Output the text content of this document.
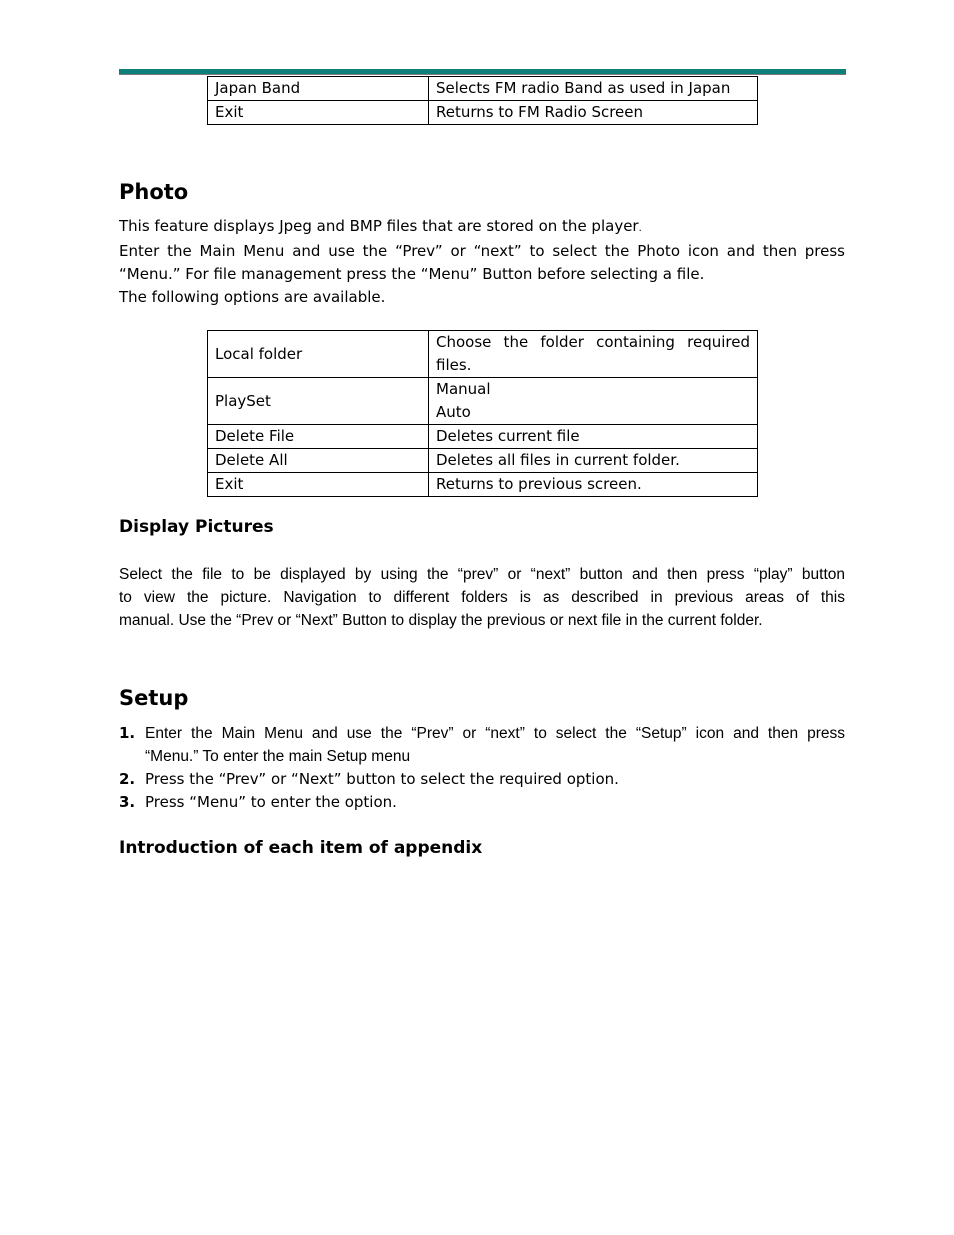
Japan Band	Selects FM radio Band as used in Japan
Exit	Returns to FM Radio Screen
Photo
This feature displays Jpeg and BMP files that are stored on the player.
Enter the Main Menu and use the “Prev” or “next” to select the Photo icon and then press
“Menu.” For file management press the “Menu” Button before selecting a file.
The following options are available.
Local folder	Choose the folder containing required
files.

PlaySet	Manual
Auto

Delete File	Deletes current file
Delete All	Deletes all files in current folder.
Exit	Returns to previous screen.
Display Pictures
Select the file to be displayed by using the “prev” or “next” button and then press “play” button
to view the picture. Navigation to different folders is as described in previous areas of this
manual. Use the “Prev or “Next” Button to display the previous or next file in the current folder.
Setup
1. Enter the Main Menu and use the “Prev” or “next” to select the “Setup” icon and then press
“Menu.” To enter the main Setup menu
2. Press the “Prev” or “Next” button to select the required option.
3. Press “Menu” to enter the option.
Introduction of each item of appendix
